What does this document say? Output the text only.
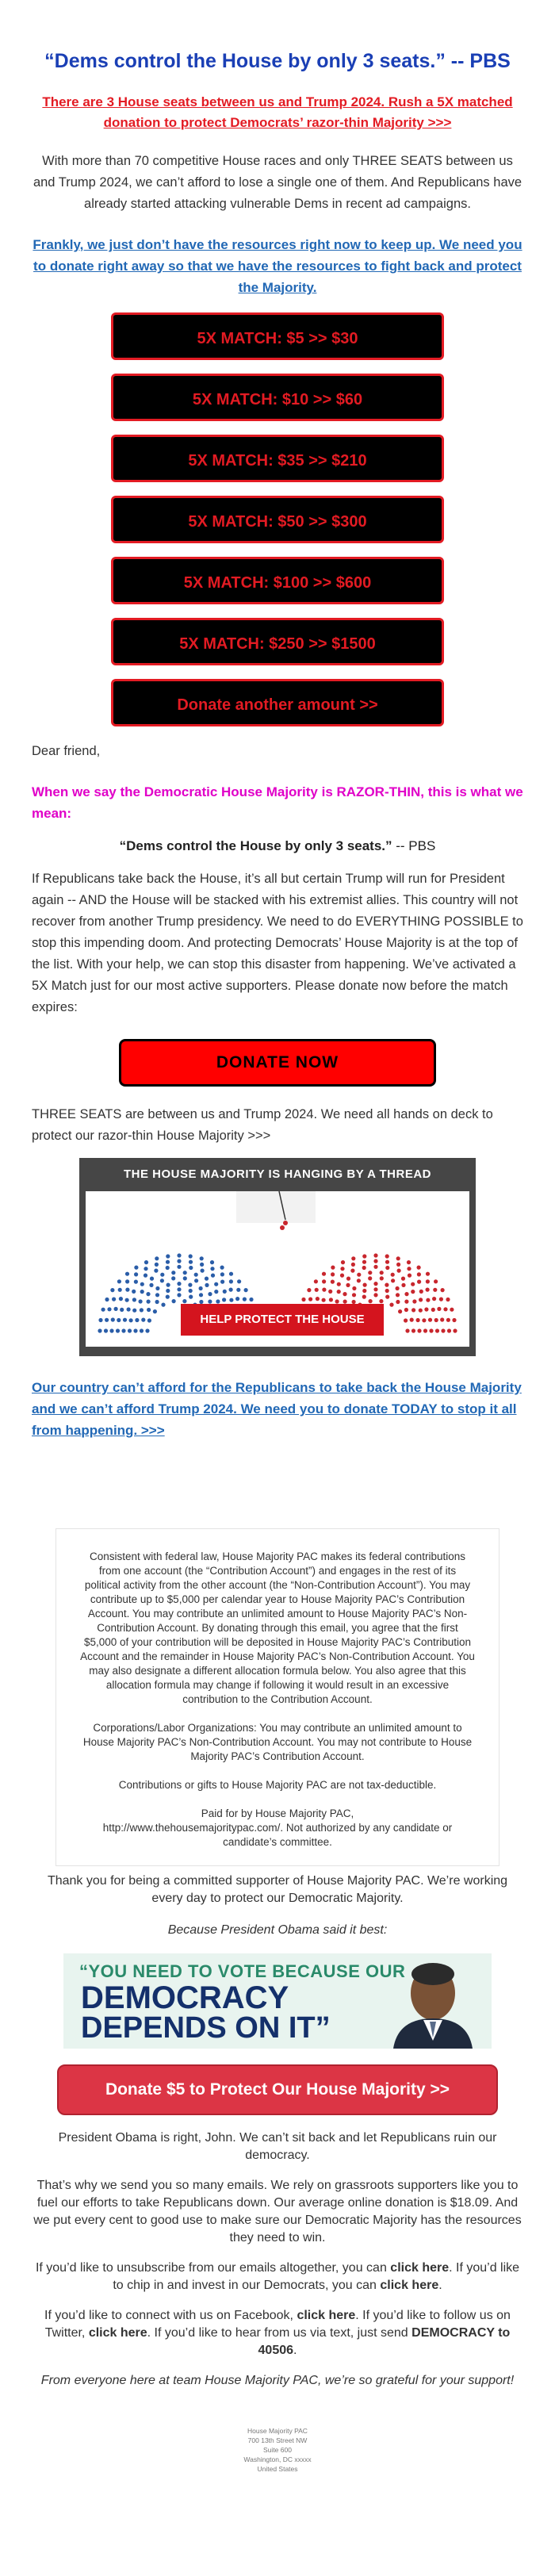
“Dems control the House by only 3 seats.” -- PBS
There are 3 House seats between us and Trump 2024. Rush a 5X matched donation to protect Democrats’ razor-thin Majority >>>
With more than 70 competitive House races and only THREE SEATS between us and Trump 2024, we can’t afford to lose a single one of them. And Republicans have already started attacking vulnerable Dems in recent ad campaigns.
Frankly, we just don’t have the resources right now to keep up. We need you to donate right away so that we have the resources to fight back and protect the Majority.
5X MATCH: $5 >> $30
5X MATCH: $10 >> $60
5X MATCH: $35 >> $210
5X MATCH: $50 >> $300
5X MATCH: $100 >> $600
5X MATCH: $250 >> $1500
Donate another amount >>
Dear friend,
When we say the Democratic House Majority is RAZOR-THIN, this is what we mean:
“Dems control the House by only 3 seats.” -- PBS
If Republicans take back the House, it’s all but certain Trump will run for President again -- AND the House will be stacked with his extremist allies. This country will not recover from another Trump presidency. We need to do EVERYTHING POSSIBLE to stop this impending doom. And protecting Democrats’ House Majority is at the top of the list. With your help, we can stop this disaster from happening. We’ve activated a 5X Match just for our most active supporters. Please donate now before the match expires:
DONATE NOW
THREE SEATS are between us and Trump 2024. We need all hands on deck to protect our razor-thin House Majority >>>
THE HOUSE MAJORITY IS HANGING BY A THREAD
HELP PROTECT THE HOUSE
Our country can’t afford for the Republicans to take back the House Majority and we can’t afford Trump 2024. We need you to donate TODAY to stop it all from happening. >>>

Consistent with federal law, House Majority PAC makes its federal contributions from one account (the “Contribution Account”) and engages in the rest of its political activity from the other account (the “Non-Contribution Account”). You may contribute up to $5,000 per calendar year to House Majority PAC’s Contribution Account. You may contribute an unlimited amount to House Majority PAC’s Non-Contribution Account. By donating through this email, you agree that the first $5,000 of your contribution will be deposited in House Majority PAC’s Contribution Account and the remainder in House Majority PAC’s Non-Contribution Account. You may also designate a different allocation formula below. You also agree that this allocation formula may change if following it would result in an excessive contribution to the Contribution Account.

Corporations/Labor Organizations: You may contribute an unlimited amount to House Majority PAC’s Non-Contribution Account. You may not contribute to House Majority PAC’s Contribution Account.

Contributions or gifts to House Majority PAC are not tax-deductible.

Paid for by House Majority PAC,
http://www.thehousemajoritypac.com/. Not authorized by any candidate or candidate’s committee.

Thank you for being a committed supporter of House Majority PAC. We’re working every day to protect our Democratic Majority.
Because President Obama said it best:
“YOU NEED TO VOTE BECAUSE OUR
DEMOCRACY
DEPENDS ON IT”
Donate $5 to Protect Our House Majority >>
President Obama is right, John. We can’t sit back and let Republicans ruin our democracy.
That’s why we send you so many emails. We rely on grassroots supporters like you to fuel our efforts to take Republicans down. Our average online donation is $18.09. And we put every cent to good use to make sure our Democratic Majority has the resources they need to win.
If you’d like to unsubscribe from our emails altogether, you can click here. If you’d like to chip in and invest in our Democrats, you can click here.
If you’d like to connect with us on Facebook, click here. If you’d like to follow us on Twitter, click here. If you’d like to hear from us via text, just send DEMOCRACY to 40506.
From everyone here at team House Majority PAC, we’re so grateful for your support!
House Majority PAC
700 13th Street NW
Suite 600
Washington, DC xxxxx
United States
